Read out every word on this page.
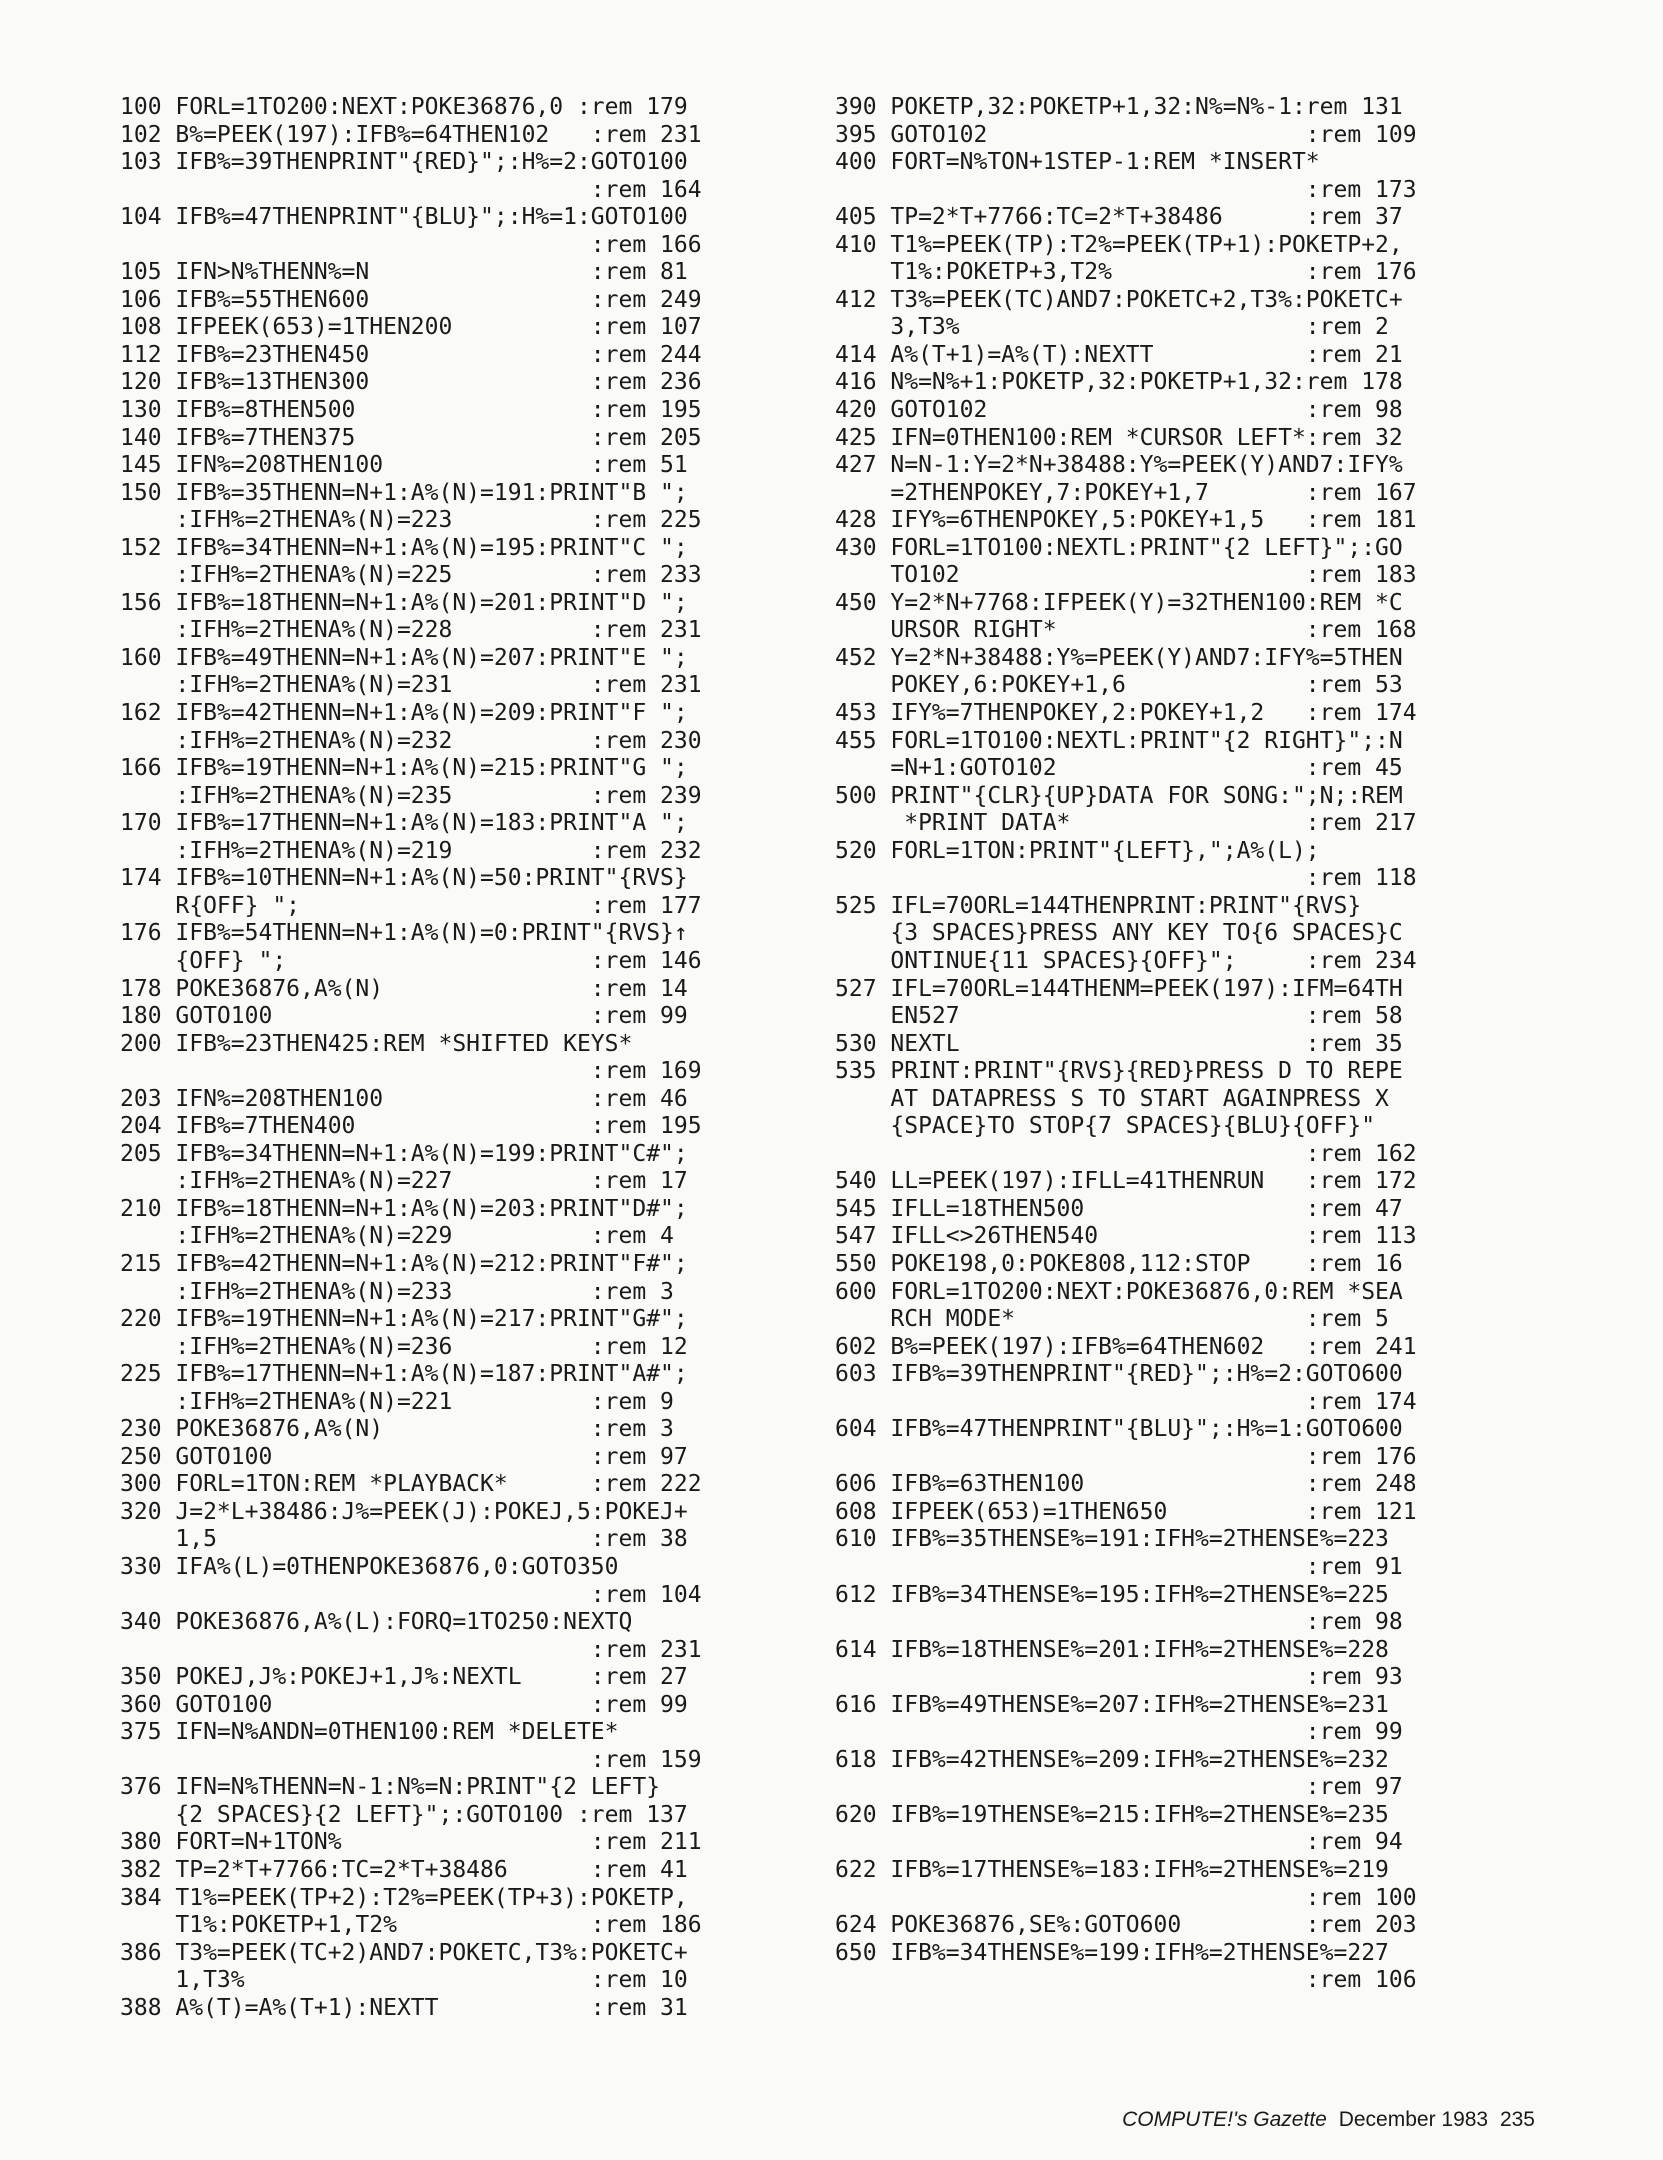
100 FORL=1TO200:NEXT:POKE36876,0 :rem 179
102 B%=PEEK(197):IFB%=64THEN102   :rem 231
103 IFB%=39THENPRINT"{RED}";:H%=2:GOTO100
:rem 164
104 IFB%=47THENPRINT"{BLU}";:H%=1:GOTO100
:rem 166
105 IFN>N%THENN%=N                :rem 81
106 IFB%=55THEN600                :rem 249
108 IFPEEK(653)=1THEN200          :rem 107
112 IFB%=23THEN450                :rem 244
120 IFB%=13THEN300                :rem 236
130 IFB%=8THEN500                 :rem 195
140 IFB%=7THEN375                 :rem 205
145 IFN%=208THEN100               :rem 51
150 IFB%=35THENN=N+1:A%(N)=191:PRINT"B ";
:IFH%=2THENA%(N)=223          :rem 225
152 IFB%=34THENN=N+1:A%(N)=195:PRINT"C ";
:IFH%=2THENA%(N)=225          :rem 233
156 IFB%=18THENN=N+1:A%(N)=201:PRINT"D ";
:IFH%=2THENA%(N)=228          :rem 231
160 IFB%=49THENN=N+1:A%(N)=207:PRINT"E ";
:IFH%=2THENA%(N)=231          :rem 231
162 IFB%=42THENN=N+1:A%(N)=209:PRINT"F ";
:IFH%=2THENA%(N)=232          :rem 230
166 IFB%=19THENN=N+1:A%(N)=215:PRINT"G ";
:IFH%=2THENA%(N)=235          :rem 239
170 IFB%=17THENN=N+1:A%(N)=183:PRINT"A ";
:IFH%=2THENA%(N)=219          :rem 232
174 IFB%=10THENN=N+1:A%(N)=50:PRINT"{RVS}
R{OFF} ";                     :rem 177
176 IFB%=54THENN=N+1:A%(N)=0:PRINT"{RVS}↑
{OFF} ";                      :rem 146
178 POKE36876,A%(N)               :rem 14
180 GOTO100                       :rem 99
200 IFB%=23THEN425:REM *SHIFTED KEYS*
:rem 169
203 IFN%=208THEN100               :rem 46
204 IFB%=7THEN400                 :rem 195
205 IFB%=34THENN=N+1:A%(N)=199:PRINT"C#";
:IFH%=2THENA%(N)=227          :rem 17
210 IFB%=18THENN=N+1:A%(N)=203:PRINT"D#";
:IFH%=2THENA%(N)=229          :rem 4
215 IFB%=42THENN=N+1:A%(N)=212:PRINT"F#";
:IFH%=2THENA%(N)=233          :rem 3
220 IFB%=19THENN=N+1:A%(N)=217:PRINT"G#";
:IFH%=2THENA%(N)=236          :rem 12
225 IFB%=17THENN=N+1:A%(N)=187:PRINT"A#";
:IFH%=2THENA%(N)=221          :rem 9
230 POKE36876,A%(N)               :rem 3
250 GOTO100                       :rem 97
300 FORL=1TON:REM *PLAYBACK*      :rem 222
320 J=2*L+38486:J%=PEEK(J):POKEJ,5:POKEJ+
1,5                           :rem 38
330 IFA%(L)=0THENPOKE36876,0:GOTO350
:rem 104
340 POKE36876,A%(L):FORQ=1TO250:NEXTQ
:rem 231
350 POKEJ,J%:POKEJ+1,J%:NEXTL     :rem 27
360 GOTO100                       :rem 99
375 IFN=N%ANDN=0THEN100:REM *DELETE*
:rem 159
376 IFN=N%THENN=N-1:N%=N:PRINT"{2 LEFT}
{2 SPACES}{2 LEFT}";:GOTO100 :rem 137
380 FORT=N+1TON%                  :rem 211
382 TP=2*T+7766:TC=2*T+38486      :rem 41
384 T1%=PEEK(TP+2):T2%=PEEK(TP+3):POKETP,
T1%:POKETP+1,T2%              :rem 186
386 T3%=PEEK(TC+2)AND7:POKETC,T3%:POKETC+
1,T3%                         :rem 10
388 A%(T)=A%(T+1):NEXTT           :rem 31
390 POKETP,32:POKETP+1,32:N%=N%-1:rem 131
395 GOTO102                       :rem 109
400 FORT=N%TON+1STEP-1:REM *INSERT*
:rem 173
405 TP=2*T+7766:TC=2*T+38486      :rem 37
410 T1%=PEEK(TP):T2%=PEEK(TP+1):POKETP+2,
T1%:POKETP+3,T2%              :rem 176
412 T3%=PEEK(TC)AND7:POKETC+2,T3%:POKETC+
3,T3%                         :rem 2
414 A%(T+1)=A%(T):NEXTT           :rem 21
416 N%=N%+1:POKETP,32:POKETP+1,32:rem 178
420 GOTO102                       :rem 98
425 IFN=0THEN100:REM *CURSOR LEFT*:rem 32
427 N=N-1:Y=2*N+38488:Y%=PEEK(Y)AND7:IFY%
=2THENPOKEY,7:POKEY+1,7       :rem 167
428 IFY%=6THENPOKEY,5:POKEY+1,5   :rem 181
430 FORL=1TO100:NEXTL:PRINT"{2 LEFT}";:GO
TO102                         :rem 183
450 Y=2*N+7768:IFPEEK(Y)=32THEN100:REM *C
URSOR RIGHT*                  :rem 168
452 Y=2*N+38488:Y%=PEEK(Y)AND7:IFY%=5THEN
POKEY,6:POKEY+1,6             :rem 53
453 IFY%=7THENPOKEY,2:POKEY+1,2   :rem 174
455 FORL=1TO100:NEXTL:PRINT"{2 RIGHT}";:N
=N+1:GOTO102                  :rem 45
500 PRINT"{CLR}{UP}DATA FOR SONG:";N;:REM
*PRINT DATA*                 :rem 217
520 FORL=1TON:PRINT"{LEFT},";A%(L);
:rem 118
525 IFL=70ORL=144THENPRINT:PRINT"{RVS}
{3 SPACES}PRESS ANY KEY TO{6 SPACES}C
ONTINUE{11 SPACES}{OFF}";     :rem 234
527 IFL=70ORL=144THENM=PEEK(197):IFM=64TH
EN527                         :rem 58
530 NEXTL                         :rem 35
535 PRINT:PRINT"{RVS}{RED}PRESS D TO REPE
AT DATAPRESS S TO START AGAINPRESS X
{SPACE}TO STOP{7 SPACES}{BLU}{OFF}"
:rem 162
540 LL=PEEK(197):IFLL=41THENRUN   :rem 172
545 IFLL=18THEN500                :rem 47
547 IFLL<>26THEN540               :rem 113
550 POKE198,0:POKE808,112:STOP    :rem 16
600 FORL=1TO200:NEXT:POKE36876,0:REM *SEA
RCH MODE*                     :rem 5
602 B%=PEEK(197):IFB%=64THEN602   :rem 241
603 IFB%=39THENPRINT"{RED}";:H%=2:GOTO600
:rem 174
604 IFB%=47THENPRINT"{BLU}";:H%=1:GOTO600
:rem 176
606 IFB%=63THEN100                :rem 248
608 IFPEEK(653)=1THEN650          :rem 121
610 IFB%=35THENSE%=191:IFH%=2THENSE%=223
:rem 91
612 IFB%=34THENSE%=195:IFH%=2THENSE%=225
:rem 98
614 IFB%=18THENSE%=201:IFH%=2THENSE%=228
:rem 93
616 IFB%=49THENSE%=207:IFH%=2THENSE%=231
:rem 99
618 IFB%=42THENSE%=209:IFH%=2THENSE%=232
:rem 97
620 IFB%=19THENSE%=215:IFH%=2THENSE%=235
:rem 94
622 IFB%=17THENSE%=183:IFH%=2THENSE%=219
:rem 100
624 POKE36876,SE%:GOTO600         :rem 203
650 IFB%=34THENSE%=199:IFH%=2THENSE%=227
:rem 106
COMPUTE!'s Gazette December 1983 235
